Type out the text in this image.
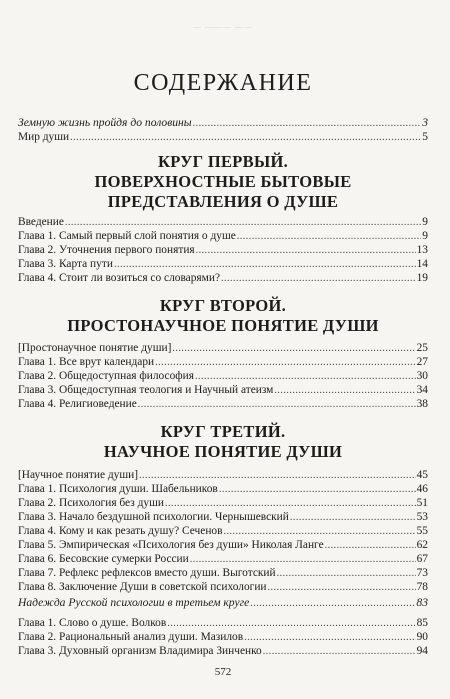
— ——— ——
СОДЕРЖАНИЕ
Земную жизнь пройдя до половины .....	3
Мир души .....	5
КРУГ ПЕРВЫЙ.
ПОВЕРХНОСТНЫЕ БЫТОВЫЕ
ПРЕДСТАВЛЕНИЯ О ДУШЕ
Введение .....	9
Глава 1. Самый первый слой понятия о душе .....	9
Глава 2. Уточнения первого понятия .....	13
Глава 3. Карта пути .....	14
Глава 4. Стоит ли возиться со словарями? .....	19
КРУГ ВТОРОЙ.
ПРОСТОНАУЧНОЕ ПОНЯТИЕ ДУШИ
[Простонаучное понятие души] .....	25
Глава 1. Все врут календари .....	27
Глава 2. Общедоступная философия .....	30
Глава 3. Общедоступная теология и Научный атеизм .....	34
Глава 4. Религиоведение .....	38
КРУГ ТРЕТИЙ.
НАУЧНОЕ ПОНЯТИЕ ДУШИ
[Научное понятие души] .....	45
Глава 1. Психология души. Шабельников .....	46
Глава 2. Психология без души .....	51
Глава 3. Начало бездушной психологии. Чернышевский .....	53
Глава 4. Кому и как резать душу? Сеченов .....	55
Глава 5. Эмпирическая «Психология без души» Николая Ланге .....	62
Глава 6. Бесовские сумерки России .....	67
Глава 7. Рефлекс рефлексов вместо души. Выготский .....	73
Глава 8. Заключение Души в советской психологии .....	78
Надежда Русской психологии в третьем круге .....	83
Глава 1. Слово о душе. Волков .....	85
Глава 2. Рациональный анализ души. Мазилов .....	90
Глава 3. Духовный организм Владимира Зинченко .....	94
572
